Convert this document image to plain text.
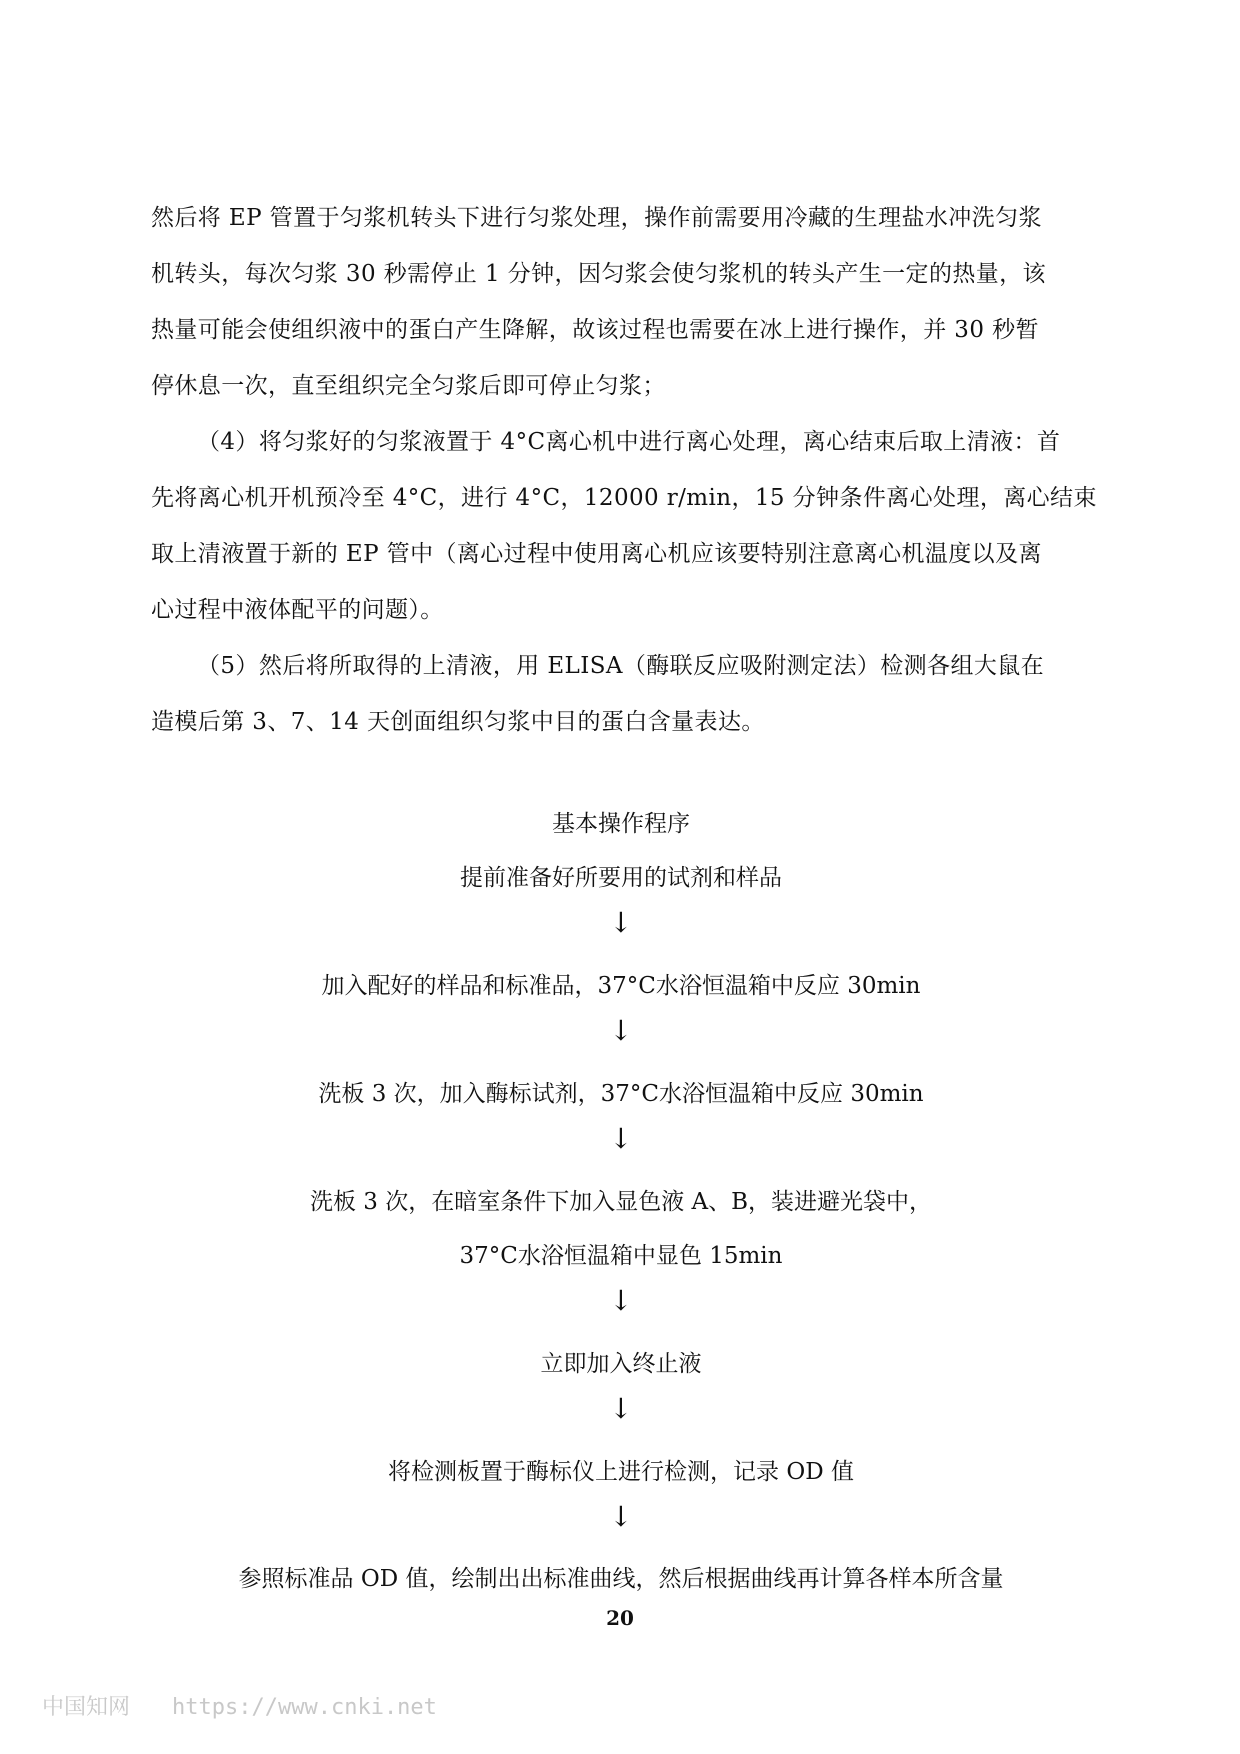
然后将 EP 管置于匀浆机转头下进行匀浆处理，操作前需要用冷藏的生理盐水冲洗匀浆
机转头，每次匀浆 30 秒需停止 1 分钟，因匀浆会使匀浆机的转头产生一定的热量，该
热量可能会使组织液中的蛋白产生降解，故该过程也需要在冰上进行操作，并 30 秒暂
停休息一次，直至组织完全匀浆后即可停止匀浆；

（4）将匀浆好的匀浆液置于 4°C离心机中进行离心处理，离心结束后取上清液：首
先将离心机开机预冷至 4°C，进行 4°C，12000 r/min，15 分钟条件离心处理，离心结束
取上清液置于新的 EP 管中（离心过程中使用离心机应该要特别注意离心机温度以及离
心过程中液体配平的问题）。

（5）然后将所取得的上清液，用 ELISA（酶联反应吸附测定法）检测各组大鼠在
造模后第 3、7、14 天创面组织匀浆中目的蛋白含量表达。

基本操作程序
提前准备好所要用的试剂和样品
↓
加入配好的样品和标准品，37°C水浴恒温箱中反应 30min
↓
洗板 3 次，加入酶标试剂，37°C水浴恒温箱中反应 30min
↓
洗板 3 次，在暗室条件下加入显色液 A、B，装进避光袋中，
37°C水浴恒温箱中显色 15min
↓
立即加入终止液
↓
将检测板置于酶标仪上进行检测，记录 OD 值
↓
参照标准品 OD 值，绘制出出标准曲线，然后根据曲线再计算各样本所含量
20
中国知网 https://www.cnki.net
